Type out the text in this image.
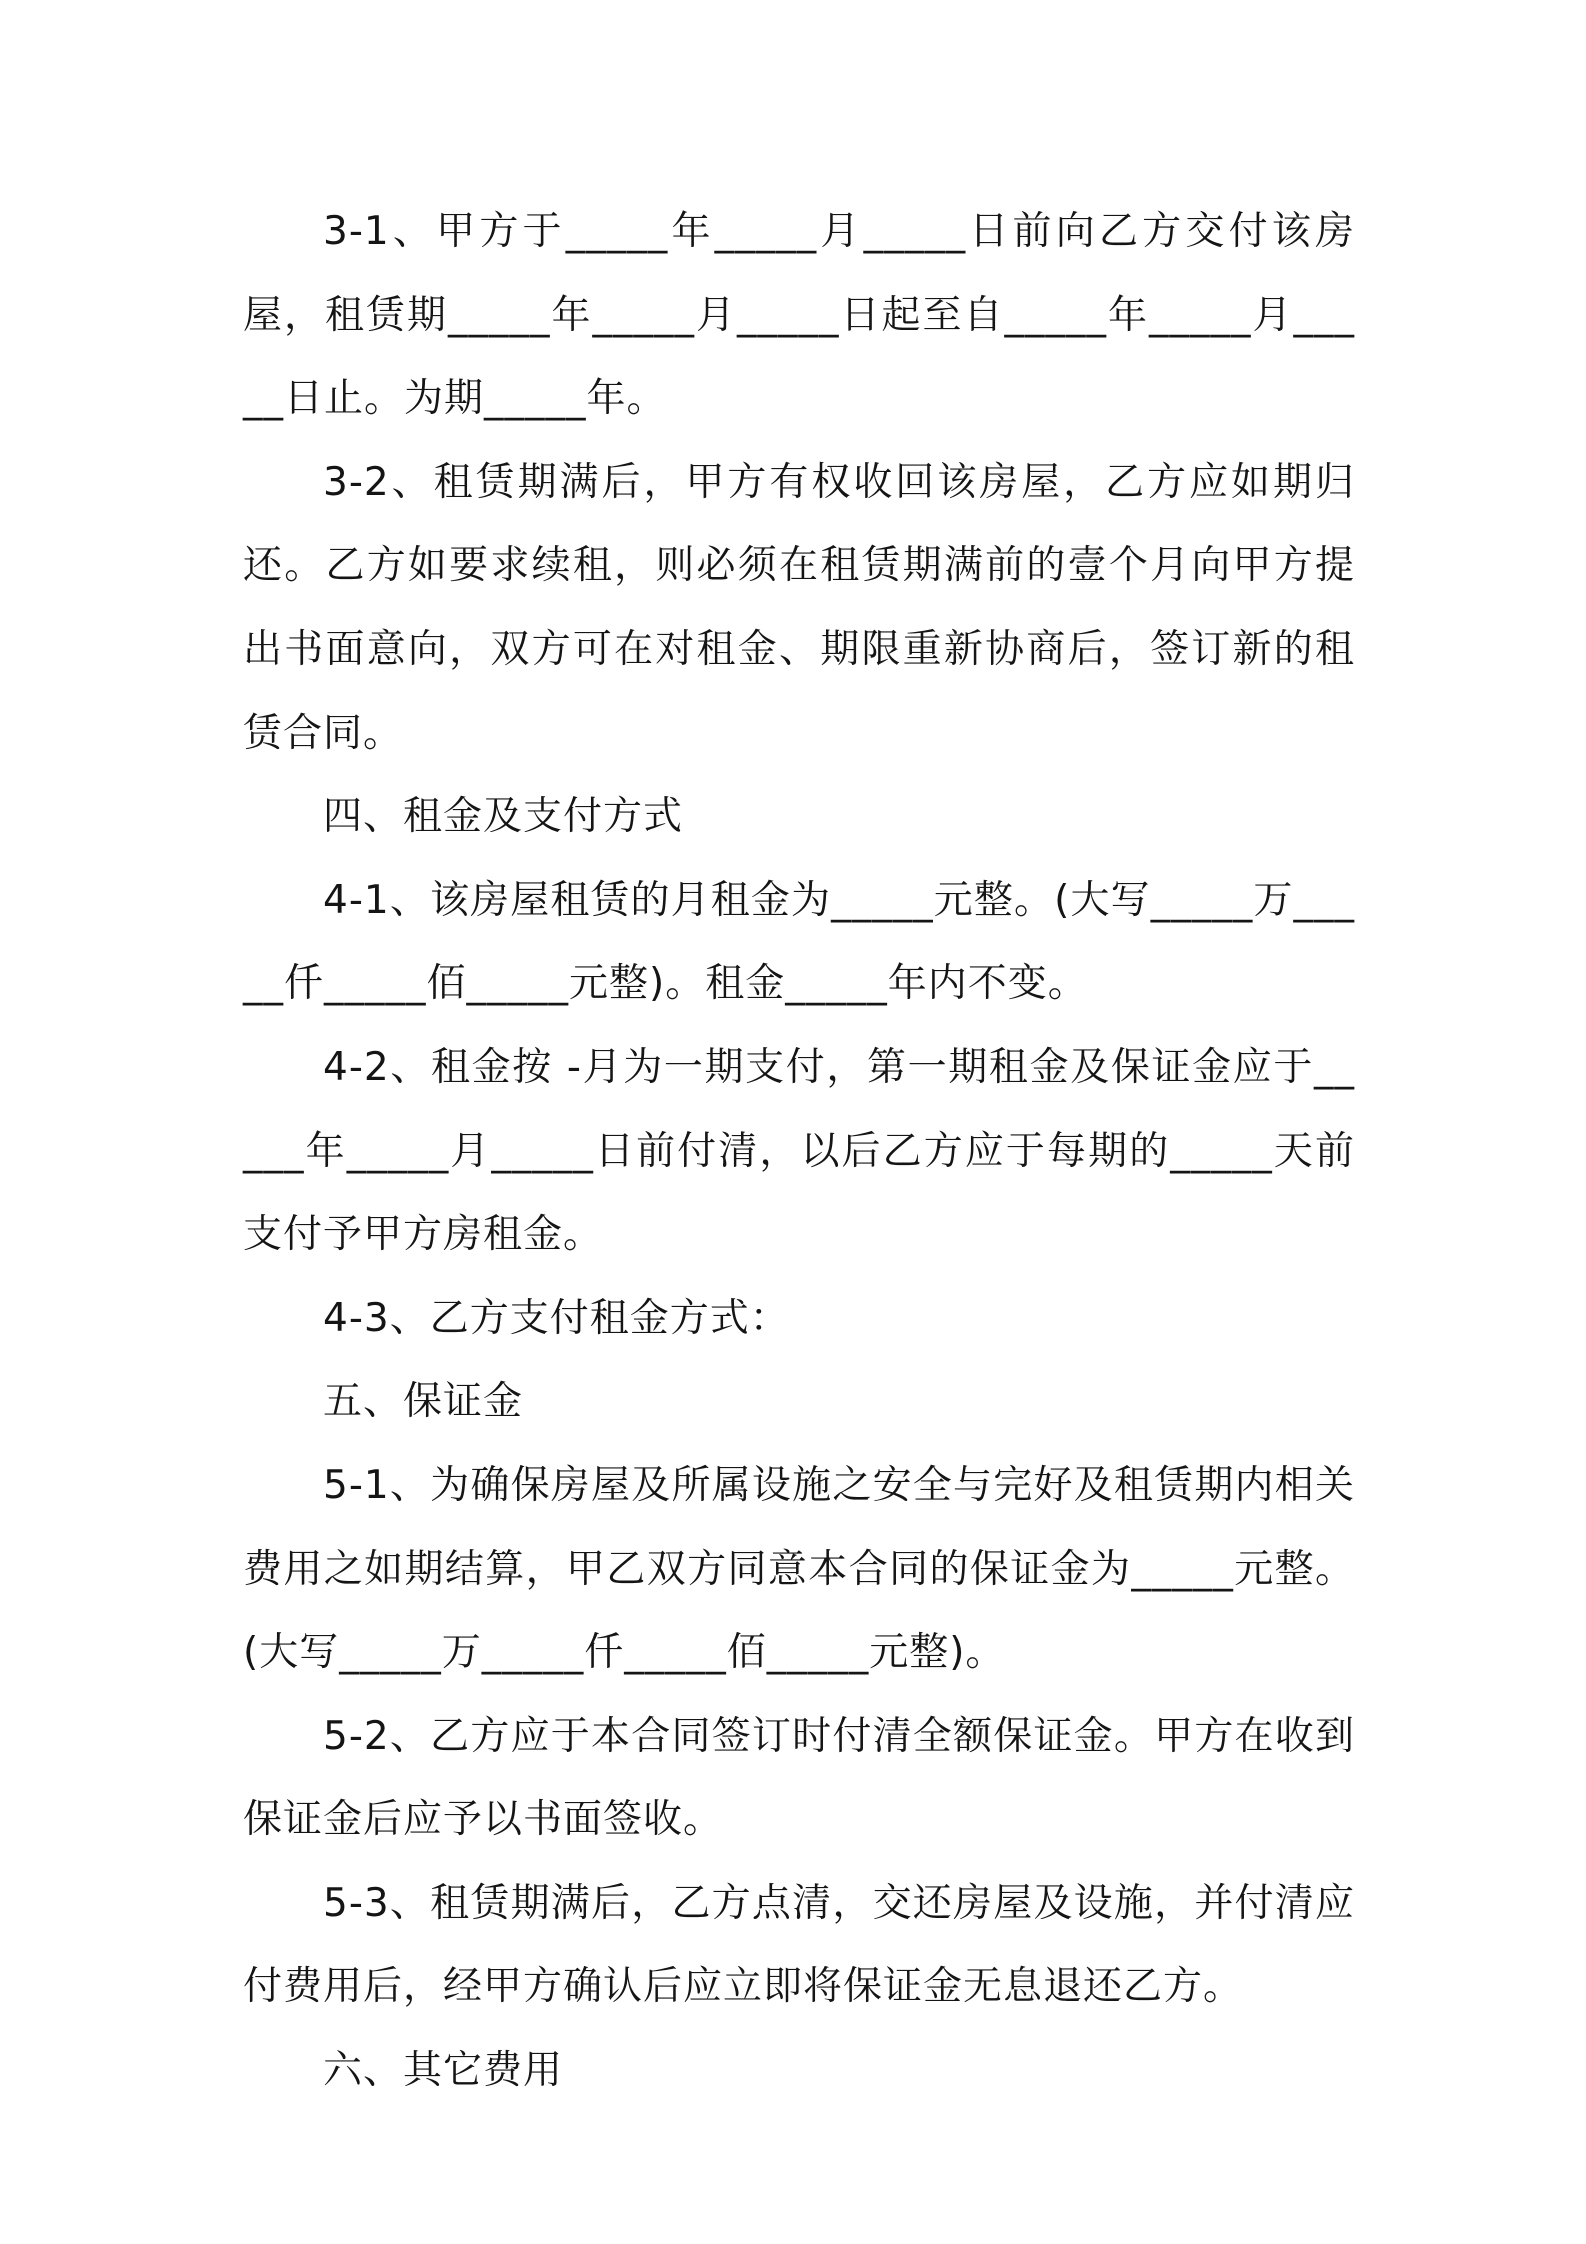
3-1、甲方于_____年_____月_____日前向乙方交付该房屋，租赁期_____年_____月_____日起至自_____年_____月_____日止。为期_____年。

3-2、租赁期满后，甲方有权收回该房屋，乙方应如期归还。乙方如要求续租，则必须在租赁期满前的壹个月向甲方提出书面意向，双方可在对租金、期限重新协商后，签订新的租赁合同。

四、租金及支付方式

4-1、该房屋租赁的月租金为_____元整。(大写_____万_____仟_____佰_____元整)。租金_____年内不变。

4-2、租金按 -月为一期支付，第一期租金及保证金应于_____年_____月_____日前付清，以后乙方应于每期的_____天前支付予甲方房租金。

4-3、乙方支付租金方式：

五、保证金

5-1、为确保房屋及所属设施之安全与完好及租赁期内相关费用之如期结算，甲乙双方同意本合同的保证金为_____元整。(大写_____万_____仟_____佰_____元整)。

5-2、乙方应于本合同签订时付清全额保证金。甲方在收到保证金后应予以书面签收。

5-3、租赁期满后，乙方点清，交还房屋及设施，并付清应付费用后，经甲方确认后应立即将保证金无息退还乙方。

六、其它费用
